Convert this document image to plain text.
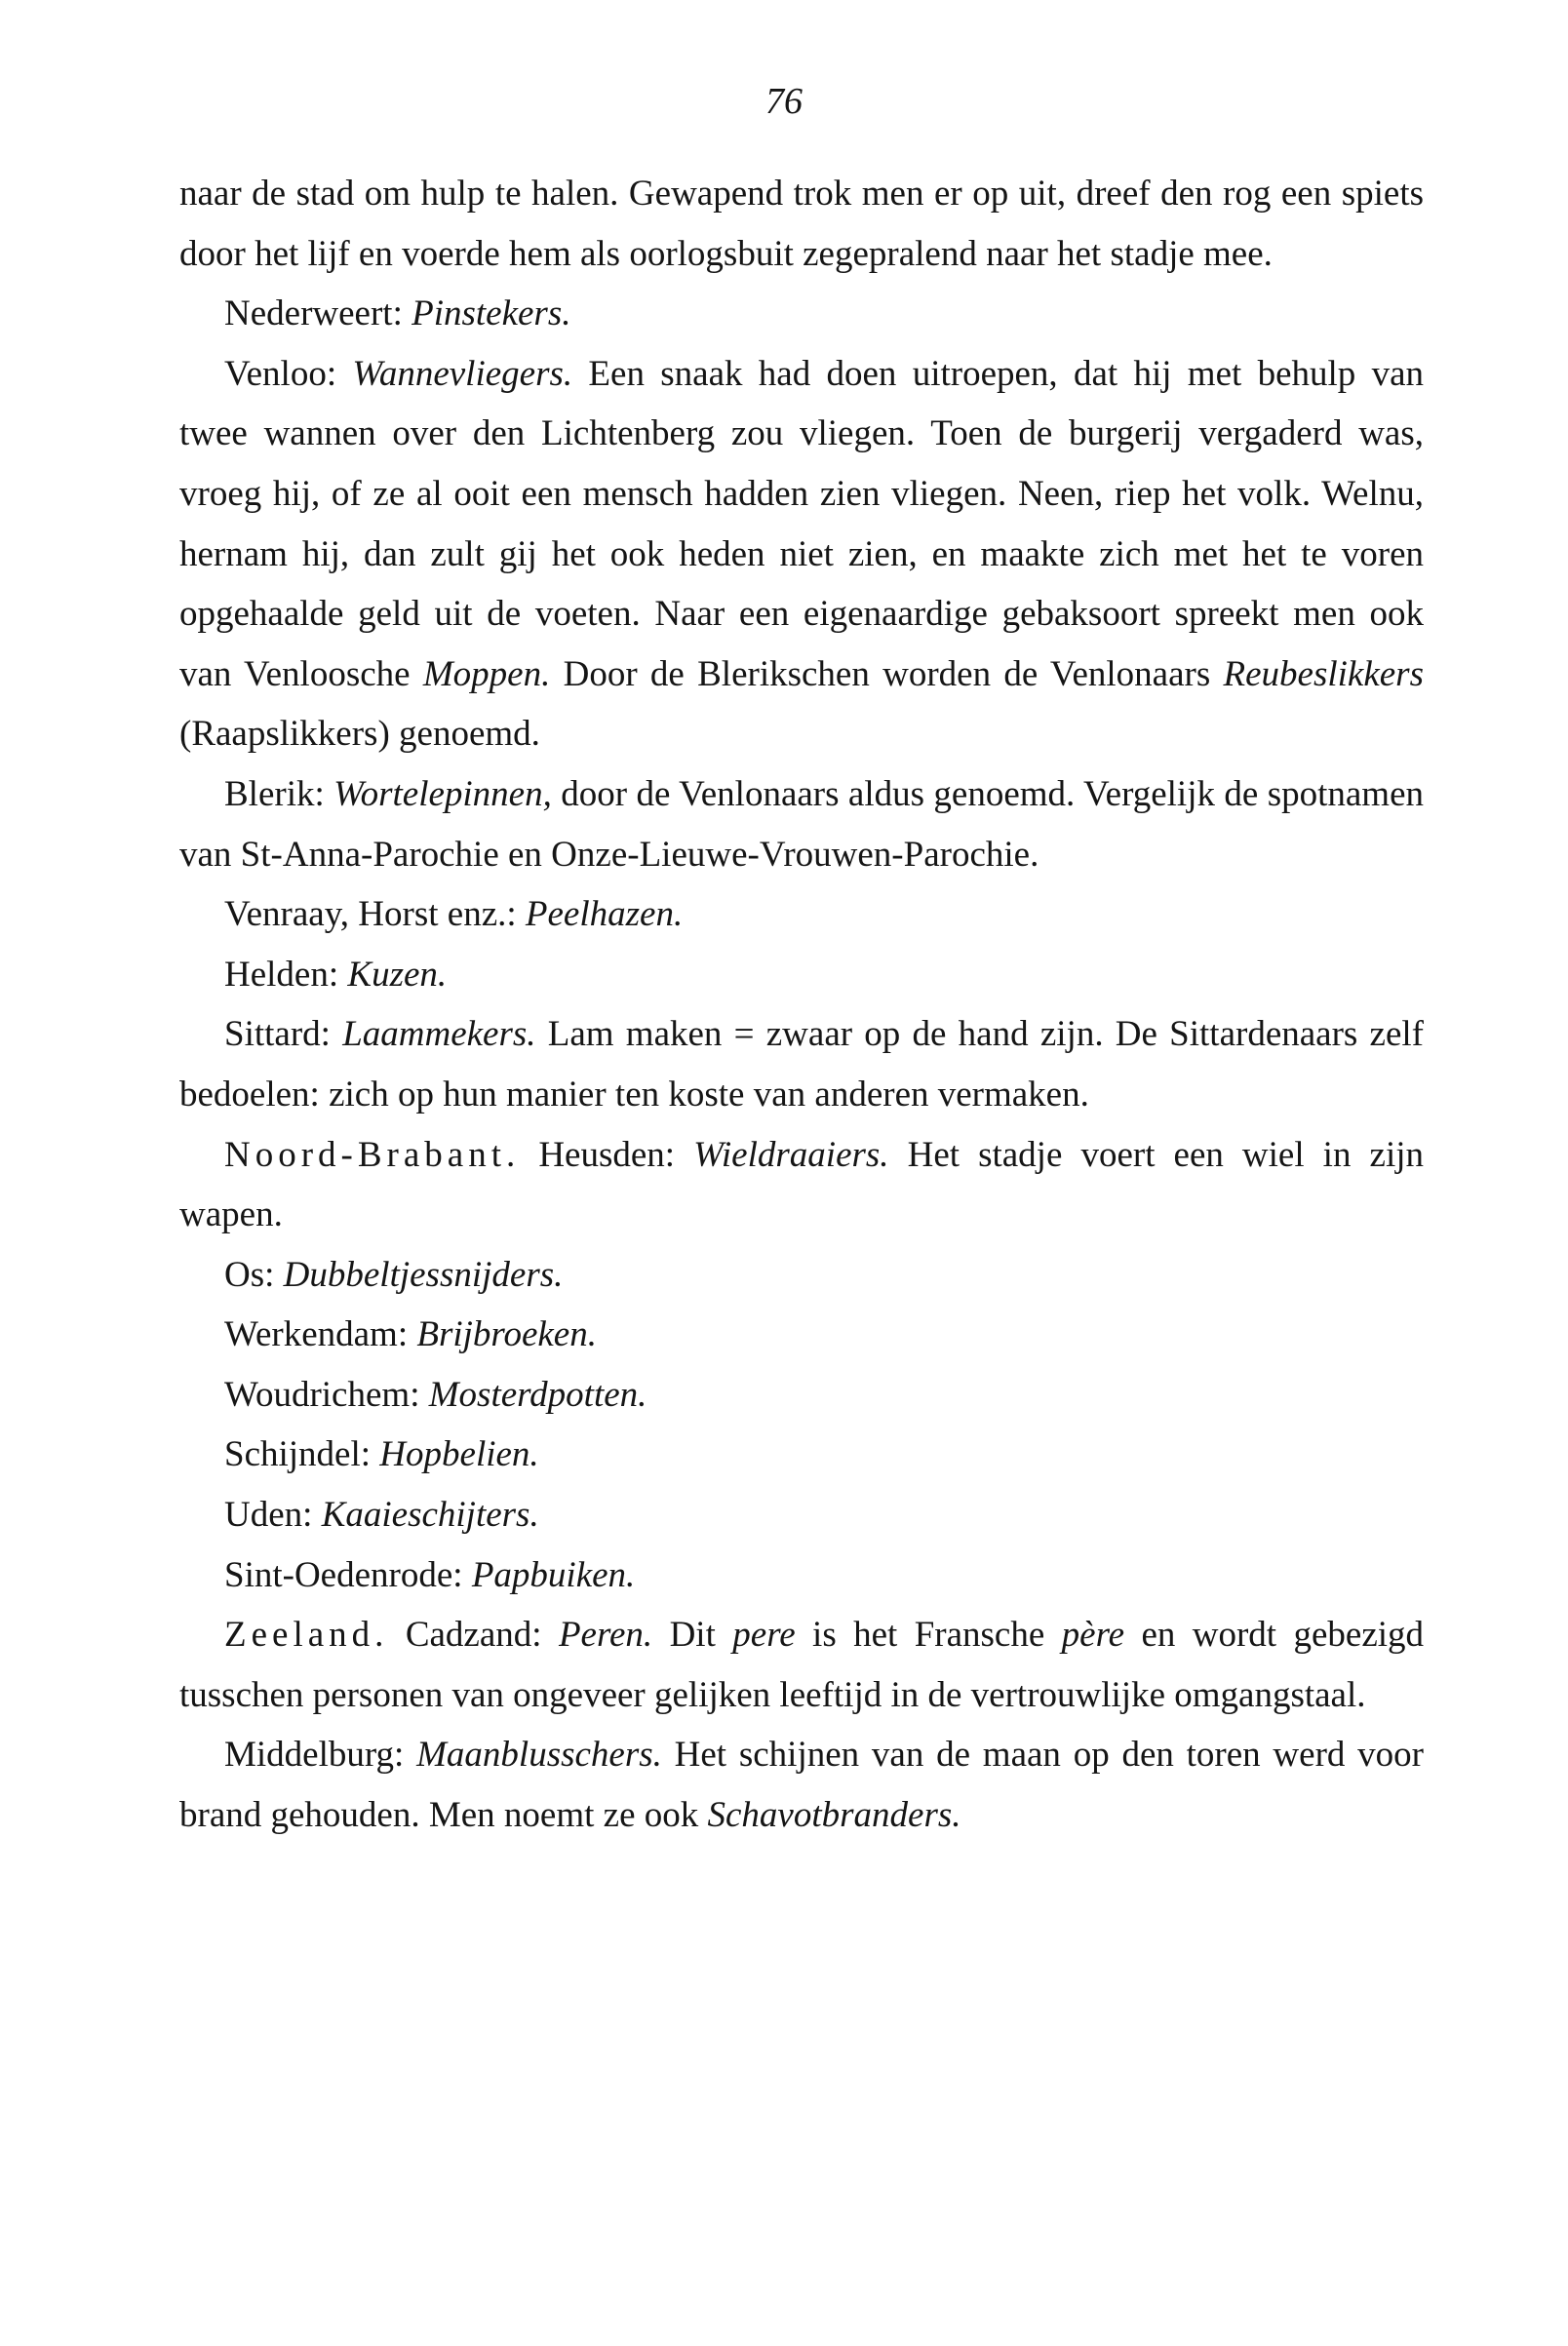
76

naar de stad om hulp te halen. Gewapend trok men er op uit, dreef den rog een spiets door het lijf en voerde hem als oorlogsbuit zegepralend naar het stadje mee.

Nederweert: Pinstekers.

Venloo: Wannevliegers. Een snaak had doen uitroepen, dat hij met behulp van twee wannen over den Lichtenberg zou vliegen. Toen de burgerij vergaderd was, vroeg hij, of ze al ooit een mensch hadden zien vliegen. Neen, riep het volk. Welnu, hernam hij, dan zult gij het ook heden niet zien, en maakte zich met het te voren opgehaalde geld uit de voeten. Naar een eigenaardige gebaksoort spreekt men ook van Venloosche Moppen. Door de Blerikschen worden de Venlonaars Reubeslikkers (Raapslikkers) genoemd.

Blerik: Wortelepinnen, door de Venlonaars aldus genoemd. Vergelijk de spotnamen van St-Anna-Parochie en Onze-Lieuwe-Vrouwen-Parochie.

Venraay, Horst enz.: Peelhazen.

Helden: Kuzen.

Sittard: Laammekers. Lam maken = zwaar op de hand zijn. De Sittardenaars zelf bedoelen: zich op hun manier ten koste van anderen vermaken.

Noord-Brabant. Heusden: Wieldraaiers. Het stadje voert een wiel in zijn wapen.

Os: Dubbeltjessnijders.

Werkendam: Brijbroeken.

Woudrichem: Mosterdpotten.

Schijndel: Hopbelien.

Uden: Kaaieschijters.

Sint-Oedenrode: Papbuiken.

Zeeland. Cadzand: Peren. Dit pere is het Fransche père en wordt gebezigd tusschen personen van ongeveer gelijken leeftijd in de vertrouwlijke omgangstaal.

Middelburg: Maanblusschers. Het schijnen van de maan op den toren werd voor brand gehouden. Men noemt ze ook Schavotbranders.
